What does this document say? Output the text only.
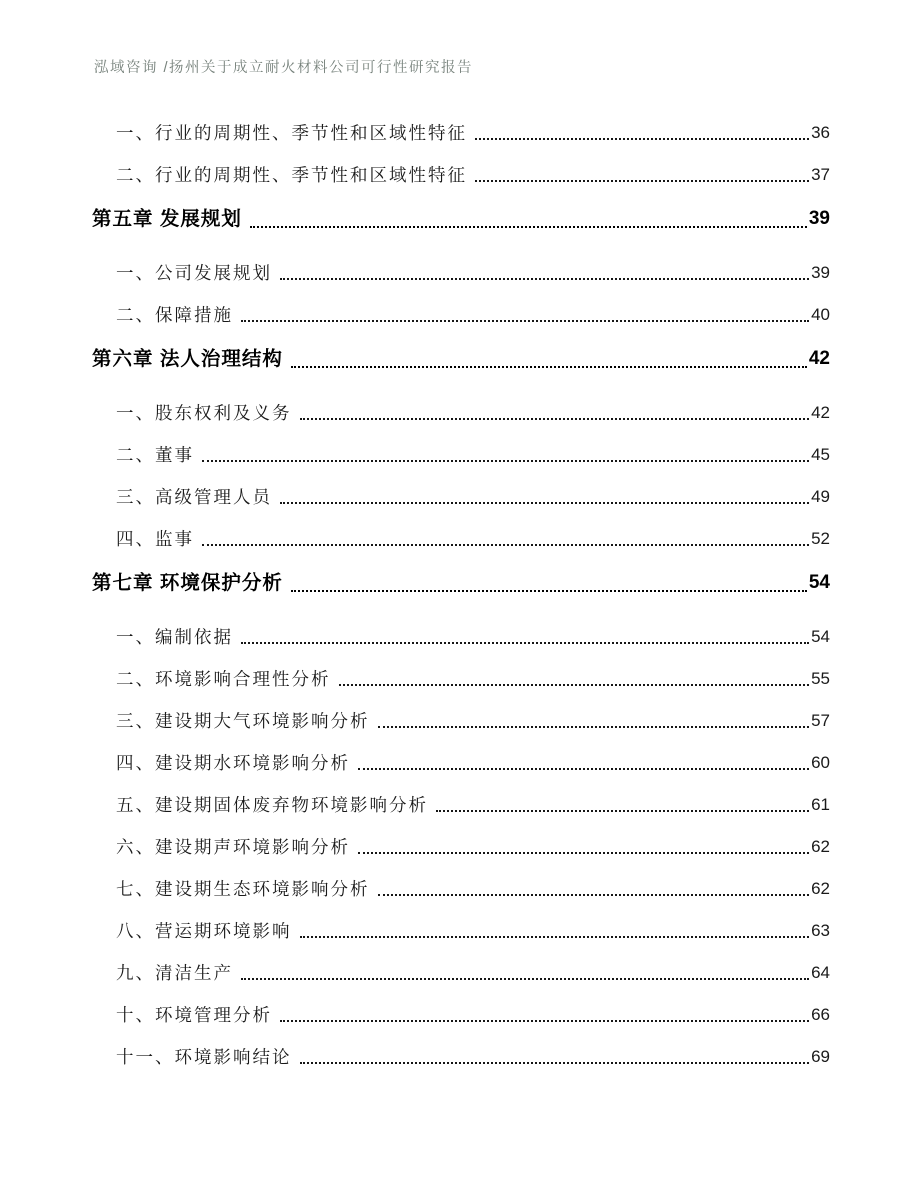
泓域咨询 /扬州关于成立耐火材料公司可行性研究报告
一、行业的周期性、季节性和区域性特征	36
二、行业的周期性、季节性和区域性特征	37
第五章 发展规划	39
一、公司发展规划	39
二、保障措施	40
第六章 法人治理结构	42
一、股东权利及义务	42
二、董事	45
三、高级管理人员	49
四、监事	52
第七章 环境保护分析	54
一、编制依据	54
二、环境影响合理性分析	55
三、建设期大气环境影响分析	57
四、建设期水环境影响分析	60
五、建设期固体废弃物环境影响分析	61
六、建设期声环境影响分析	62
七、建设期生态环境影响分析	62
八、营运期环境影响	63
九、清洁生产	64
十、环境管理分析	66
十一、环境影响结论	69
